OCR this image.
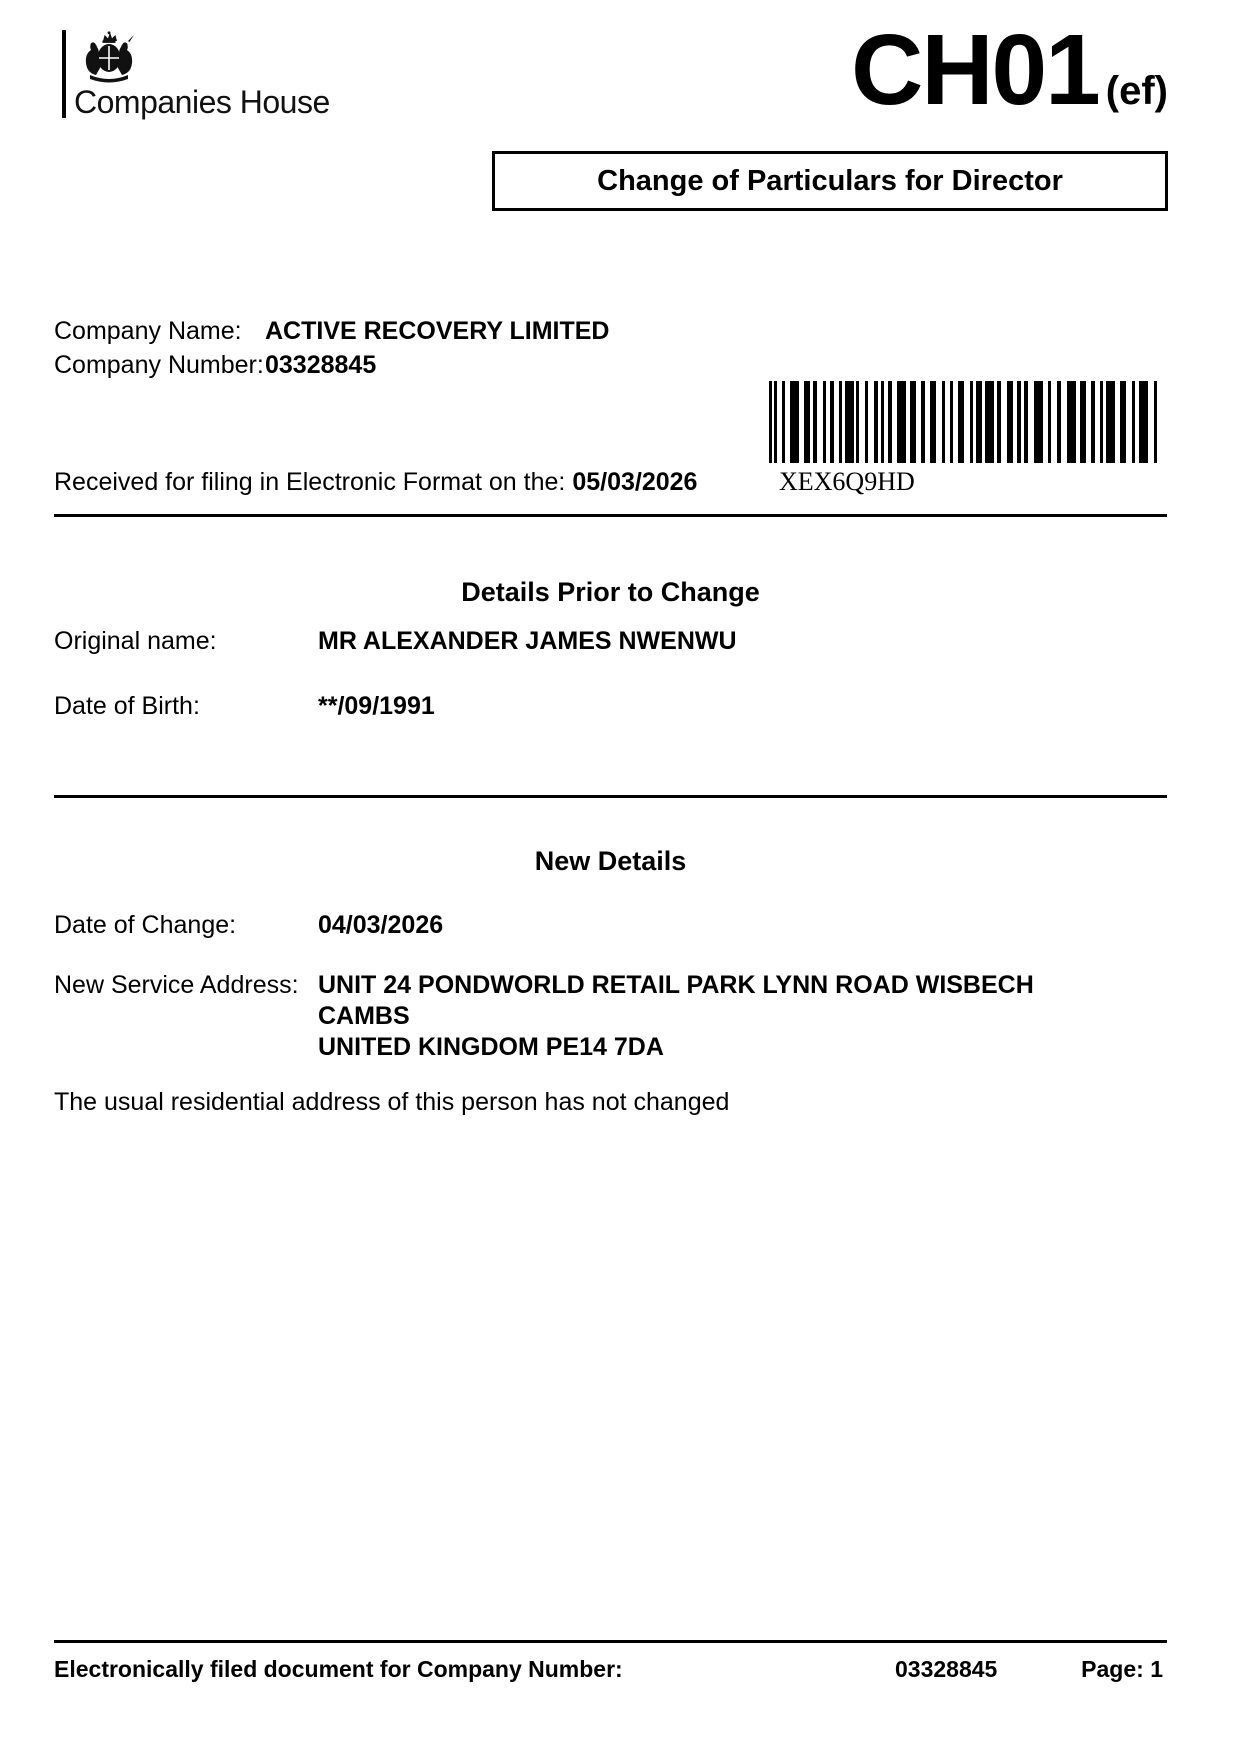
Companies House	CH01 (ef)
Change of Particulars for Director
Company Name: ACTIVE RECOVERY LIMITED
Company Number: 03328845
XEX6Q9HD
Received for filing in Electronic Format on the: 05/03/2026
Details Prior to Change
Original name:	MR ALEXANDER JAMES NWENWU
Date of Birth:	**/09/1991
New Details
Date of Change:	04/03/2026
New Service Address: UNIT 24 PONDWORLD RETAIL PARK LYNN ROAD WISBECH
CAMBS
UNITED KINGDOM PE14 7DA
The usual residential address of this person has not changed
Electronically filed document for Company Number:	03328845	Page: 1
